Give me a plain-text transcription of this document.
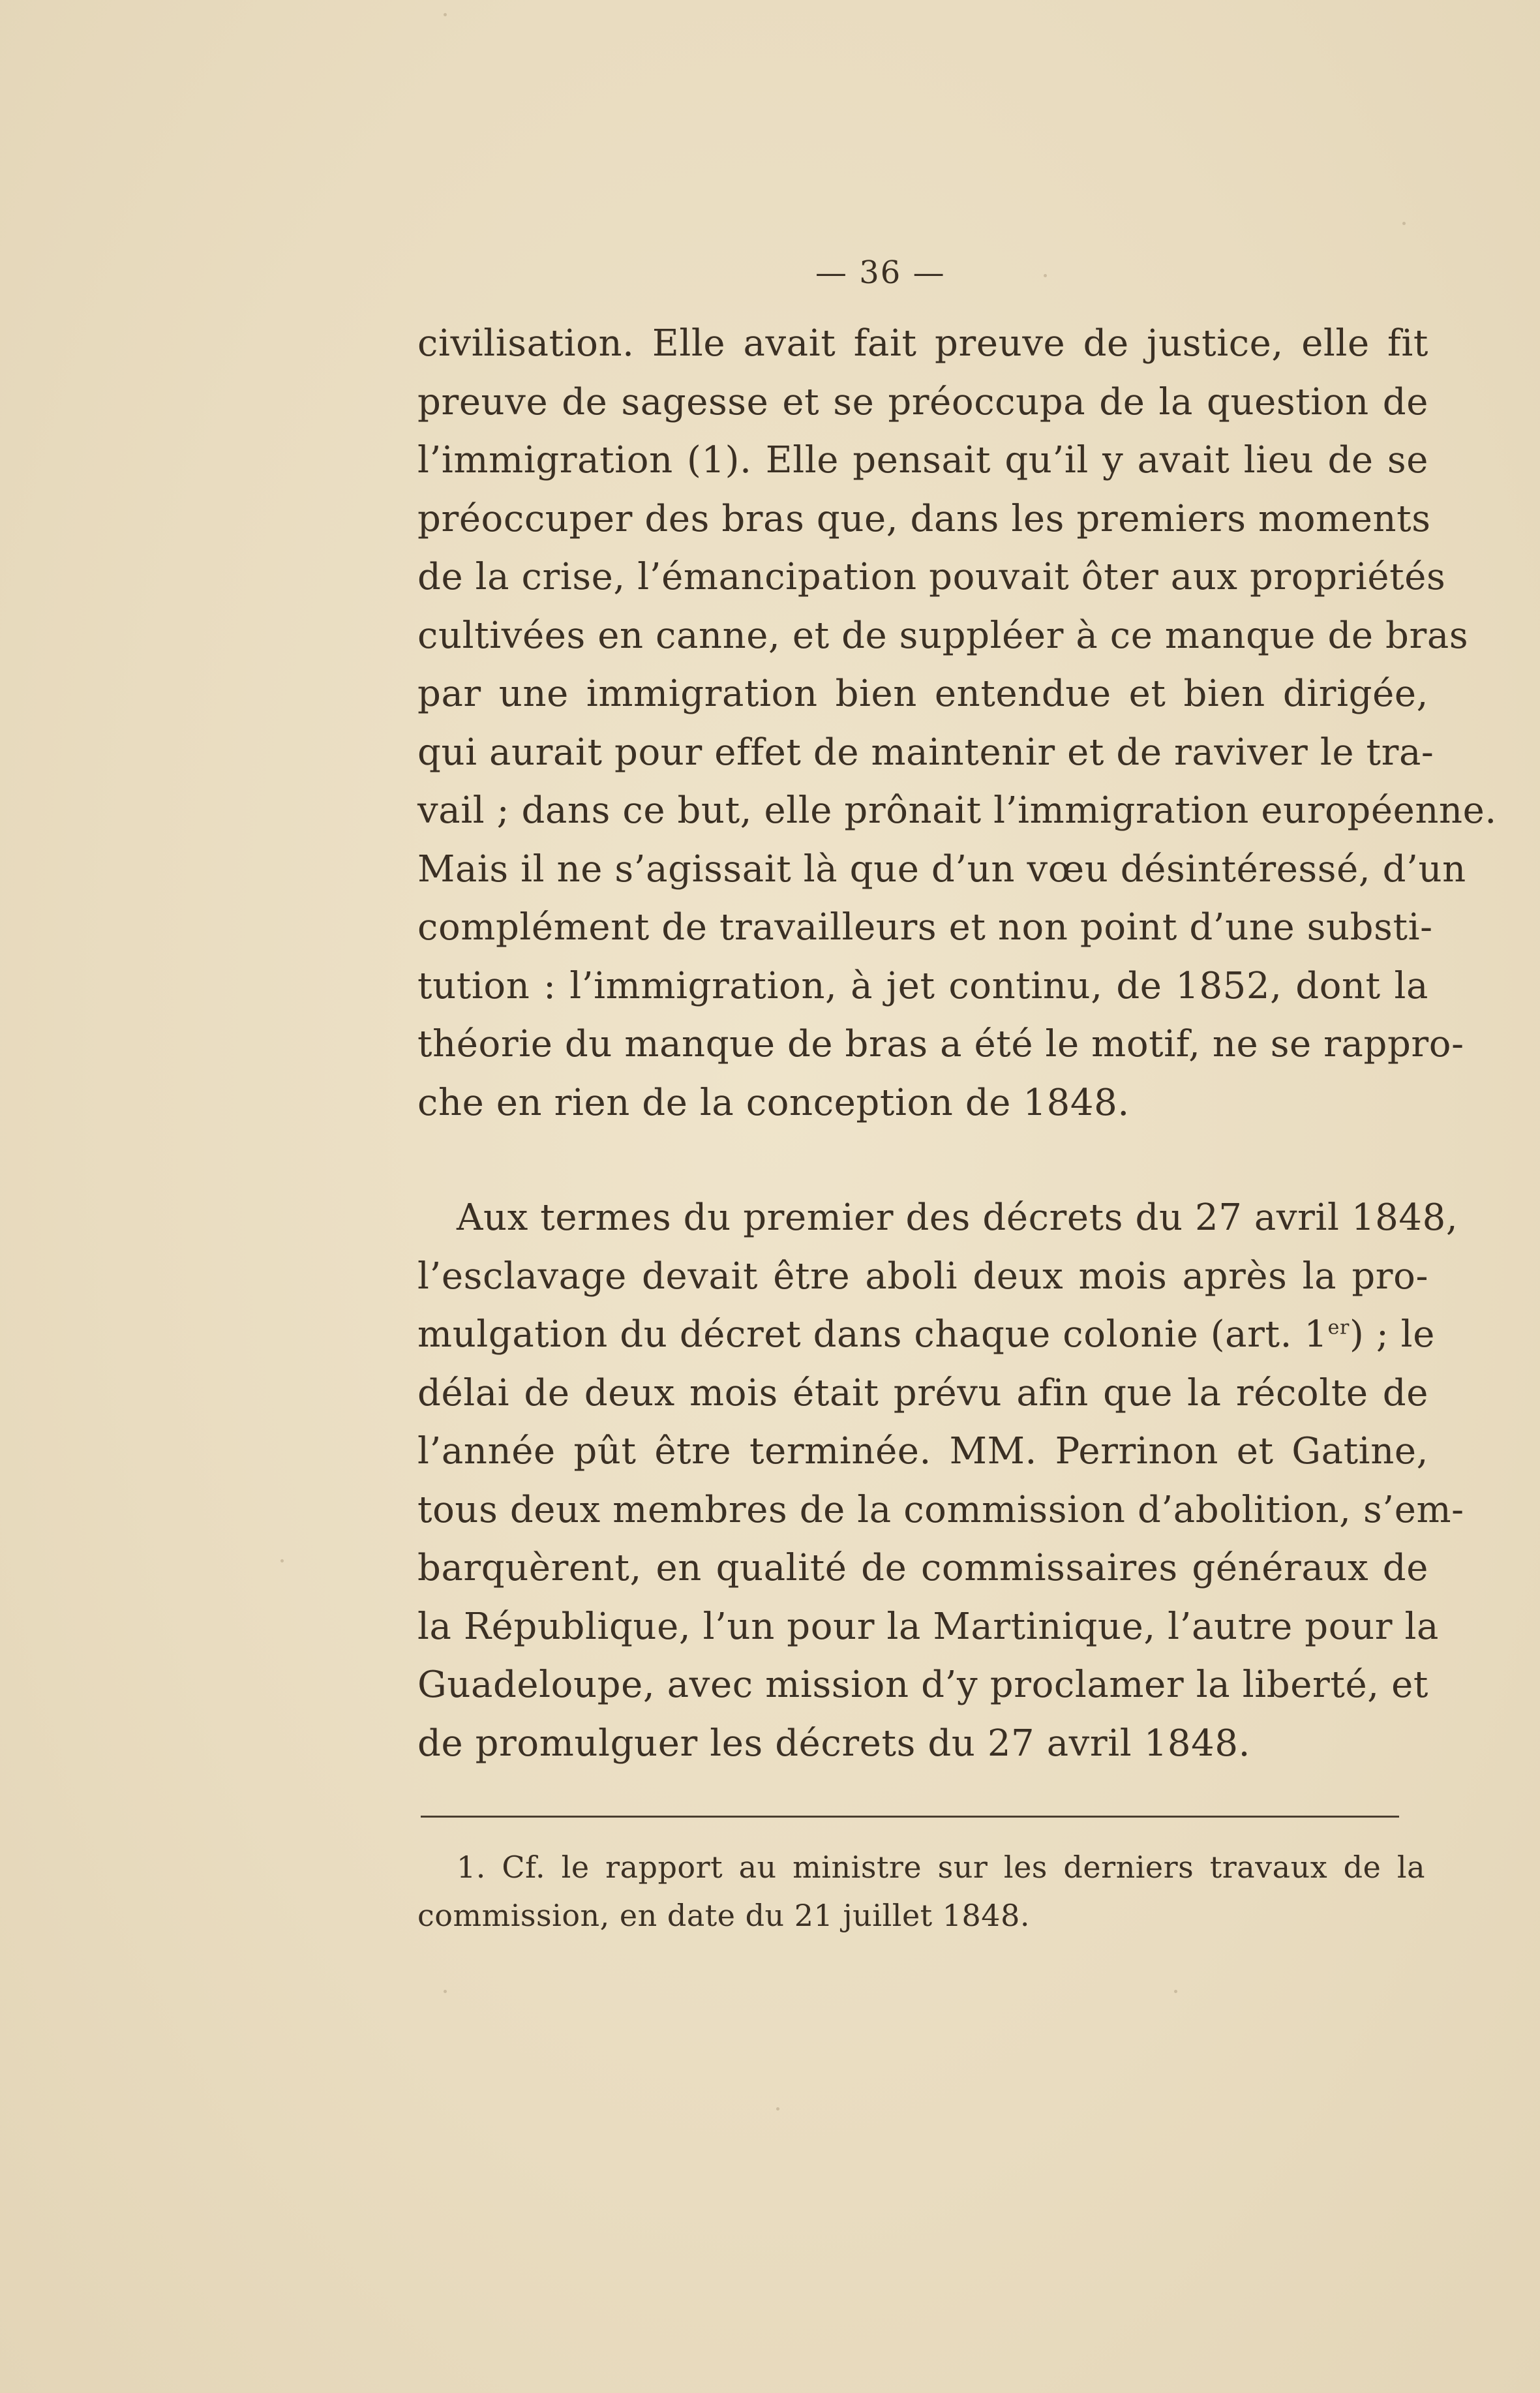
— 36 —
civilisation. Elle avait fait preuve de justice, elle fit
preuve de sagesse et se préoccupa de la question de
l’immigration (1). Elle pensait qu’il y avait lieu de se
préoccuper des bras que, dans les premiers moments
de la crise, l’émancipation pouvait ôter aux propriétés
cultivées en canne, et de suppléer à ce manque de bras
par une immigration bien entendue et bien dirigée,
qui aurait pour effet de maintenir et de raviver le tra-
vail ; dans ce but, elle prônait l’immigration européenne.
Mais il ne s’agissait là que d’un vœu désintéressé, d’un
complément de travailleurs et non point d’une substi-
tution : l’immigration, à jet continu, de 1852, dont la
théorie du manque de bras a été le motif, ne se rappro-
che en rien de la conception de 1848.
Aux termes du premier des décrets du 27 avril 1848,
l’esclavage devait être aboli deux mois après la pro-
mulgation du décret dans chaque colonie (art. 1er) ; le
délai de deux mois était prévu afin que la récolte de
l’année pût être terminée. MM. Perrinon et Gatine,
tous deux membres de la commission d’abolition, s’em-
barquèrent, en qualité de commissaires généraux de
la République, l’un pour la Martinique, l’autre pour la
Guadeloupe, avec mission d’y proclamer la liberté, et
de promulguer les décrets du 27 avril 1848.
1. Cf. le rapport au ministre sur les derniers travaux de la
commission, en date du 21 juillet 1848.
